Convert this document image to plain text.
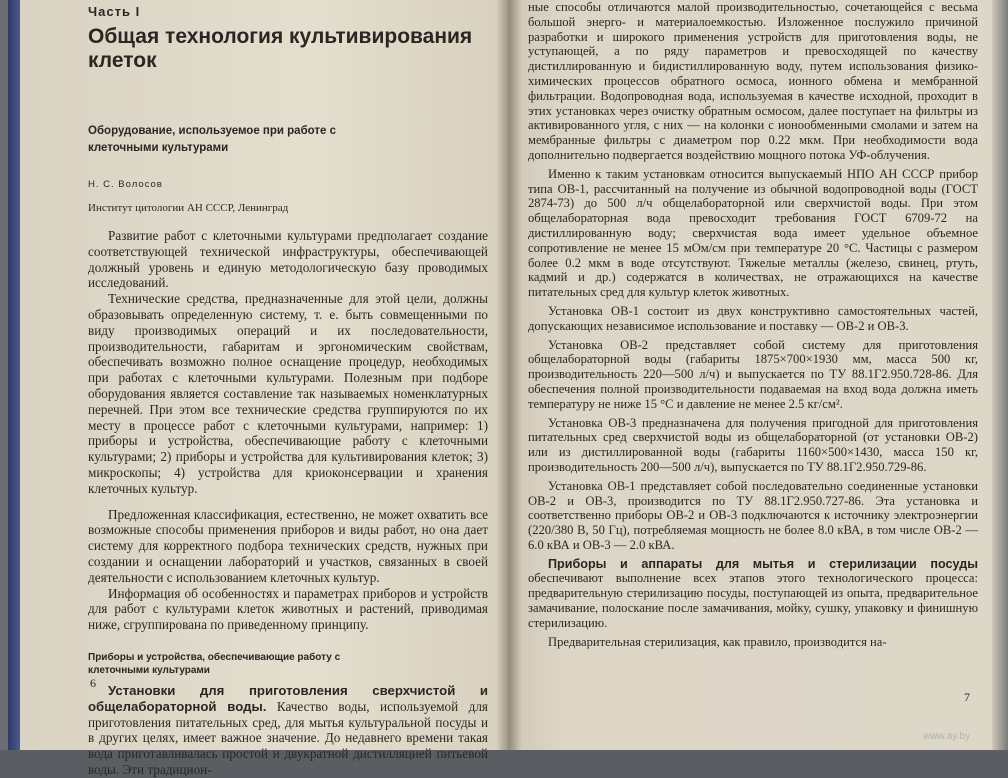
Часть I
Общая технология культивирования клеток
Оборудование, используемое при работе с клеточными культурами
Н. С. Волосов
Институт цитологии АН СССР, Ленинград

Развитие работ с клеточными культурами предполагает создание соответствующей технической инфраструктуры, обеспечивающей должный уровень и единую методологическую базу проводимых исследований.

Технические средства, предназначенные для этой цели, должны образовывать определенную систему, т. е. быть совмещенными по виду производимых операций и их последовательности, производительности, габаритам и эргономическим свойствам, обеспечивать возможно полное оснащение процедур, необходимых при работах с клеточными культурами. Полезным при подборе оборудования является составление так называемых номенклатурных перечней. При этом все технические средства группируются по их месту в процессе работ с клеточными культурами, например: 1) приборы и устройства, обеспечивающие работу с клеточными культурами; 2) приборы и устройства для культивирования клеток; 3) микроскопы; 4) устройства для криоконсервации и хранения клеточных культур.

Предложенная классификация, естественно, не может охватить все возможные способы применения приборов и виды работ, но она дает систему для корректного подбора технических средств, нужных при создании и оснащении лабораторий и участков, связанных в своей деятельности с использованием клеточных культур.

Информация об особенностях и параметрах приборов и устройств для работ с культурами клеток животных и растений, приводимая ниже, сгруппирована по приведенному принципу.

Приборы и устройства, обеспечивающие работу с клеточными культурами

Установки для приготовления сверхчистой и общелабораторной воды. Качество воды, используемой для приготовления питательных сред, для мытья культуральной посуды и в других целях, имеет важное значение. До недавнего времени такая вода приготавливалась простой и двукратной дистилляцией питьевой воды. Эти традицион-

6
7

ные способы отличаются малой производительностью, сочетающейся с весьма большой энерго- и материалоемкостью. Изложенное послужило причиной разработки и широкого применения устройств для приготовления воды, не уступающей, а по ряду параметров и превосходящей по качеству дистиллированную и бидистиллированную воду, путем использования физико-химических процессов обратного осмоса, ионного обмена и мембранной фильтрации. Водопроводная вода, используемая в качестве исходной, проходит в этих установках через очистку обратным осмосом, далее поступает на фильтры из активированного угля, с них — на колонки с ионообменными смолами и затем на мембранные фильтры с диаметром пор 0.22 мкм. При необходимости вода дополнительно подвергается воздействию мощного потока УФ-облучения.

Именно к таким установкам относится выпускаемый НПО АН СССР прибор типа ОВ-1, рассчитанный на получение из обычной водопроводной воды (ГОСТ 2874-73) до 500 л/ч общелабораторной или сверхчистой воды. При этом общелабораторная вода превосходит требования ГОСТ 6709-72 на дистиллированную воду; сверхчистая вода имеет удельное объемное сопротивление не менее 15 мОм/см при температуре 20 °С. Частицы с размером более 0.2 мкм в воде отсутствуют. Тяжелые металлы (железо, свинец, ртуть, кадмий и др.) содержатся в количествах, не отражающихся на качестве питательных сред для культур клеток животных.

Установка ОВ-1 состоит из двух конструктивно самостоятельных частей, допускающих независимое использование и поставку — ОВ-2 и ОВ-3.

Установка ОВ-2 представляет собой систему для приготовления общелабораторной воды (габариты 1875×700×1930 мм, масса 500 кг, производительность 220—500 л/ч) и выпускается по ТУ 88.1Г2.950.728-86. Для обеспечения полной производительности подаваемая на вход вода должна иметь температуру не ниже 15 °С и давление не менее 2.5 кг/см².

Установка ОВ-3 предназначена для получения пригодной для приготовления питательных сред сверхчистой воды из общелабораторной (от установки ОВ-2) или из дистиллированной воды (габариты 1160×500×1430, масса 150 кг, производительность 200—500 л/ч), выпускается по ТУ 88.1Г2.950.729-86.

Установка ОВ-1 представляет собой последовательно соединенные установки ОВ-2 и ОВ-3, производится по ТУ 88.1Г2.950.727-86. Эта установка и соответственно приборы ОВ-2 и ОВ-3 подключаются к источнику электроэнергии (220/380 В, 50 Гц), потребляемая мощность не более 8.0 кВА, в том числе ОВ-2 — 6.0 кВА и ОВ-3 — 2.0 кВА.

Приборы и аппараты для мытья и стерилизации посуды обеспечивают выполнение всех этапов этого технологического процесса: предварительную стерилизацию посуды, поступающей из опыта, предварительное замачивание, полоскание после замачивания, мойку, сушку, упаковку и финишную стерилизацию.

Предварительная стерилизация, как правило, производится на-

www.ay.by
